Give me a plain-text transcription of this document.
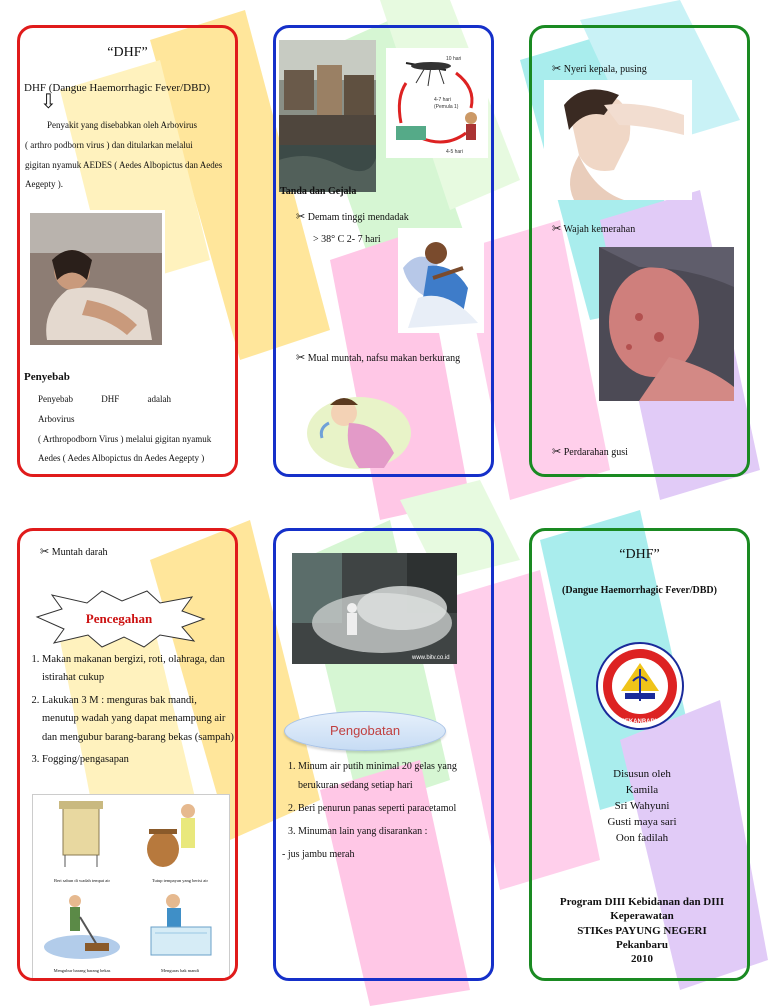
“DHF”
DHF (Dangue Haemorrhagic Fever/DBD)
⇩
Penyakit yang disebabkan oleh Arbovirus
( arthro podborn virus ) dan ditularkan melalui
gigitan nyamuk AEDES ( Aedes Albopictus dan Aedes
Aegepty ).
Penyebab
Penyebab DHF adalah Arbovirus
( Arthropodborn Virus ) melalui gigitan nyamuk
Aedes ( Aedes Albopictus dn Aedes Aegepty )
4-7 hari
(Pemula 1)
10 hari
4-5 hari
Tanda dan Gejala
✂ Demam tinggi mendadak
> 38° C 2- 7 hari
✂ Mual muntah, nafsu makan berkurang
✂ Nyeri kepala, pusing
✂ Wajah kemerahan
✂ Perdarahan gusi
✂ Muntah darah
Pencegahan
1. Makan makanan bergizi, roti, olahraga, dan istirahat cukup
2. Lakukan 3 M : menguras bak mandi, menutup wadah yang dapat menampung air dan mengubur barang-barang bekas (sampah)
3. Fogging/pengasapan
Beri sabun di wadah tempat air	Tutup tempayan yang berisi air
Mengubur barang barang bekas	Menguras bak mandi
www.bitv.co.id
Pengobatan
1. Minum air putih minimal 20 gelas yang berukuran sedang setiap hari
2. Beri penurun panas seperti paracetamol
3. Minuman lain yang disarankan :
- jus jambu merah
“DHF”
(Dangue Haemorrhagic Fever/DBD)
PEKANBARU
Disusun oleh
Kamila
Sri Wahyuni
Gusti maya sari
Oon fadilah
Program DIII Kebidanan dan DIII
Keperawatan
STIKes PAYUNG NEGERI
Pekanbaru
2010
